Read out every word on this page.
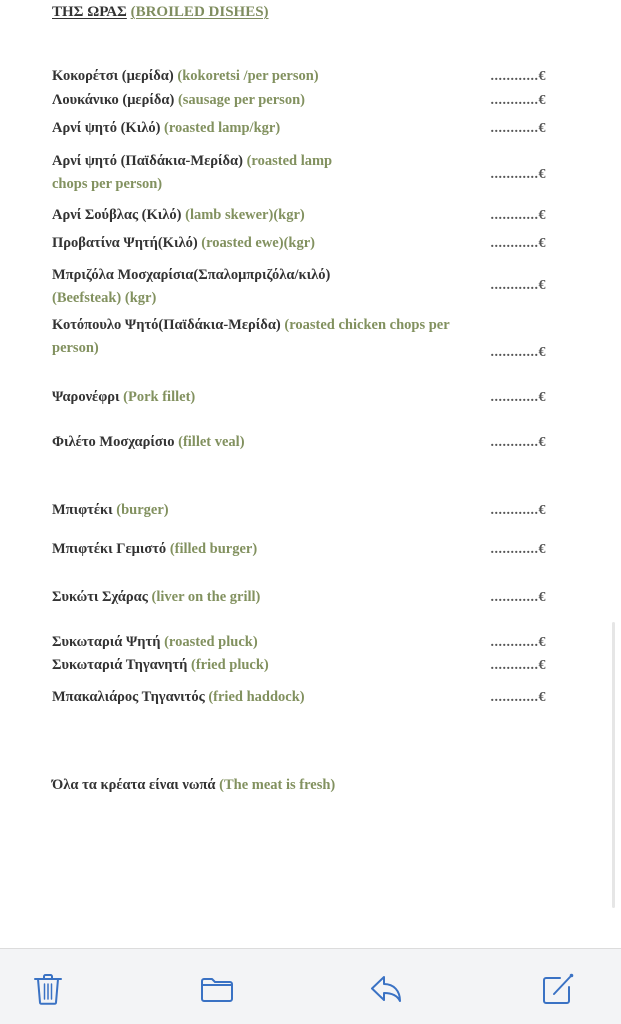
ΤΗΣ ΩΡΑΣ (BROILED DISHES)
Κοκορέτσι (μερίδα) (kokoretsi /per person)	............€
Λουκάνικο (μερίδα) (sausage per person)	............€
Αρνί ψητό (Κιλό) (roasted lamp/kgr)	............€
Αρνί ψητό (Παϊδάκια-Μερίδα) (roasted lamp chops per person)
............€
Αρνί Σούβλας (Κιλό) (lamb skewer)(kgr)	............€
Προβατίνα Ψητή(Κιλό) (roasted ewe)(kgr)	............€
Μπριζόλα Μοσχαρίσια(Σπαλομπριζόλα/κιλό) (Beefsteak) (kgr)
............€
Κοτόπουλο Ψητό(Παϊδάκια-Μερίδα) (roasted chicken chops per person)	............€
Ψαρονέφρι (Pork fillet)	............€
Φιλέτο Μοσχαρίσιο (fillet veal)	............€
Μπιφτέκι (burger)	............€
Μπιφτέκι Γεμιστό (filled burger)	............€
Συκώτι Σχάρας (liver on the grill)	............€
Συκωταριά Ψητή (roasted pluck)	............€
Συκωταριά Τηγανητή (fried pluck)	............€
Μπακαλιάρος Τηγανιτός (fried haddock)	............€
Όλα τα κρέατα είναι νωπά (The meat is fresh)
